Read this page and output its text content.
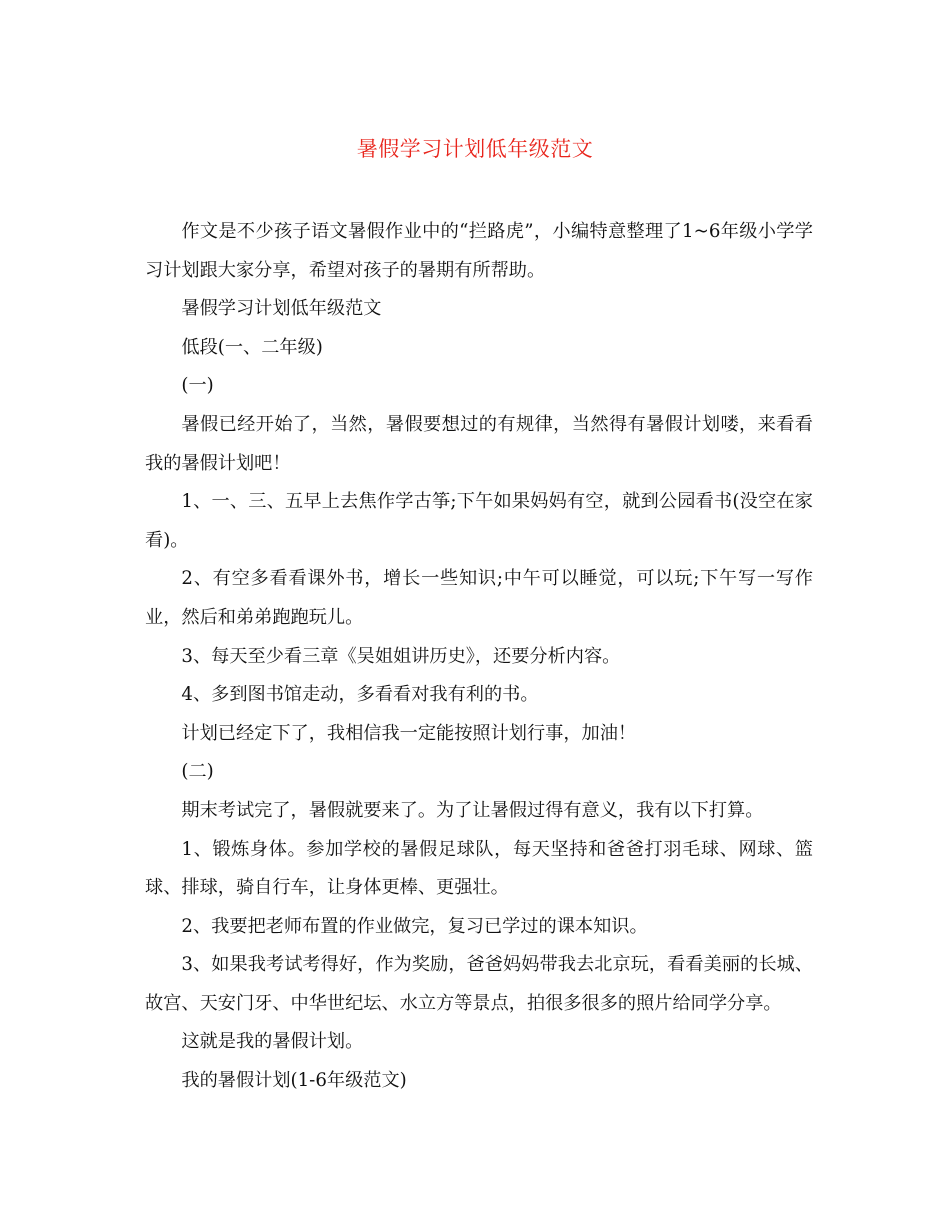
暑假学习计划低年级范文

作文是不少孩子语文暑假作业中的“拦路虎”，小编特意整理了1~6年级小学学习计划跟大家分享，希望对孩子的暑期有所帮助。

暑假学习计划低年级范文

低段(一、二年级)

(一)

暑假已经开始了，当然，暑假要想过的有规律，当然得有暑假计划喽，来看看我的暑假计划吧！

1、一、三、五早上去焦作学古筝;下午如果妈妈有空，就到公园看书(没空在家看)。

2、有空多看看课外书，增长一些知识;中午可以睡觉，可以玩;下午写一写作业，然后和弟弟跑跑玩儿。

3、每天至少看三章《吴姐姐讲历史》，还要分析内容。

4、多到图书馆走动，多看看对我有利的书。

计划已经定下了，我相信我一定能按照计划行事，加油！

(二)

期末考试完了，暑假就要来了。为了让暑假过得有意义，我有以下打算。

1、锻炼身体。参加学校的暑假足球队，每天坚持和爸爸打羽毛球、网球、篮球、排球，骑自行车，让身体更棒、更强壮。

2、我要把老师布置的作业做完，复习已学过的课本知识。

3、如果我考试考得好，作为奖励，爸爸妈妈带我去北京玩，看看美丽的长城、故宫、天安门牙、中华世纪坛、水立方等景点，拍很多很多的照片给同学分享。

这就是我的暑假计划。

我的暑假计划(1-6年级范文)
